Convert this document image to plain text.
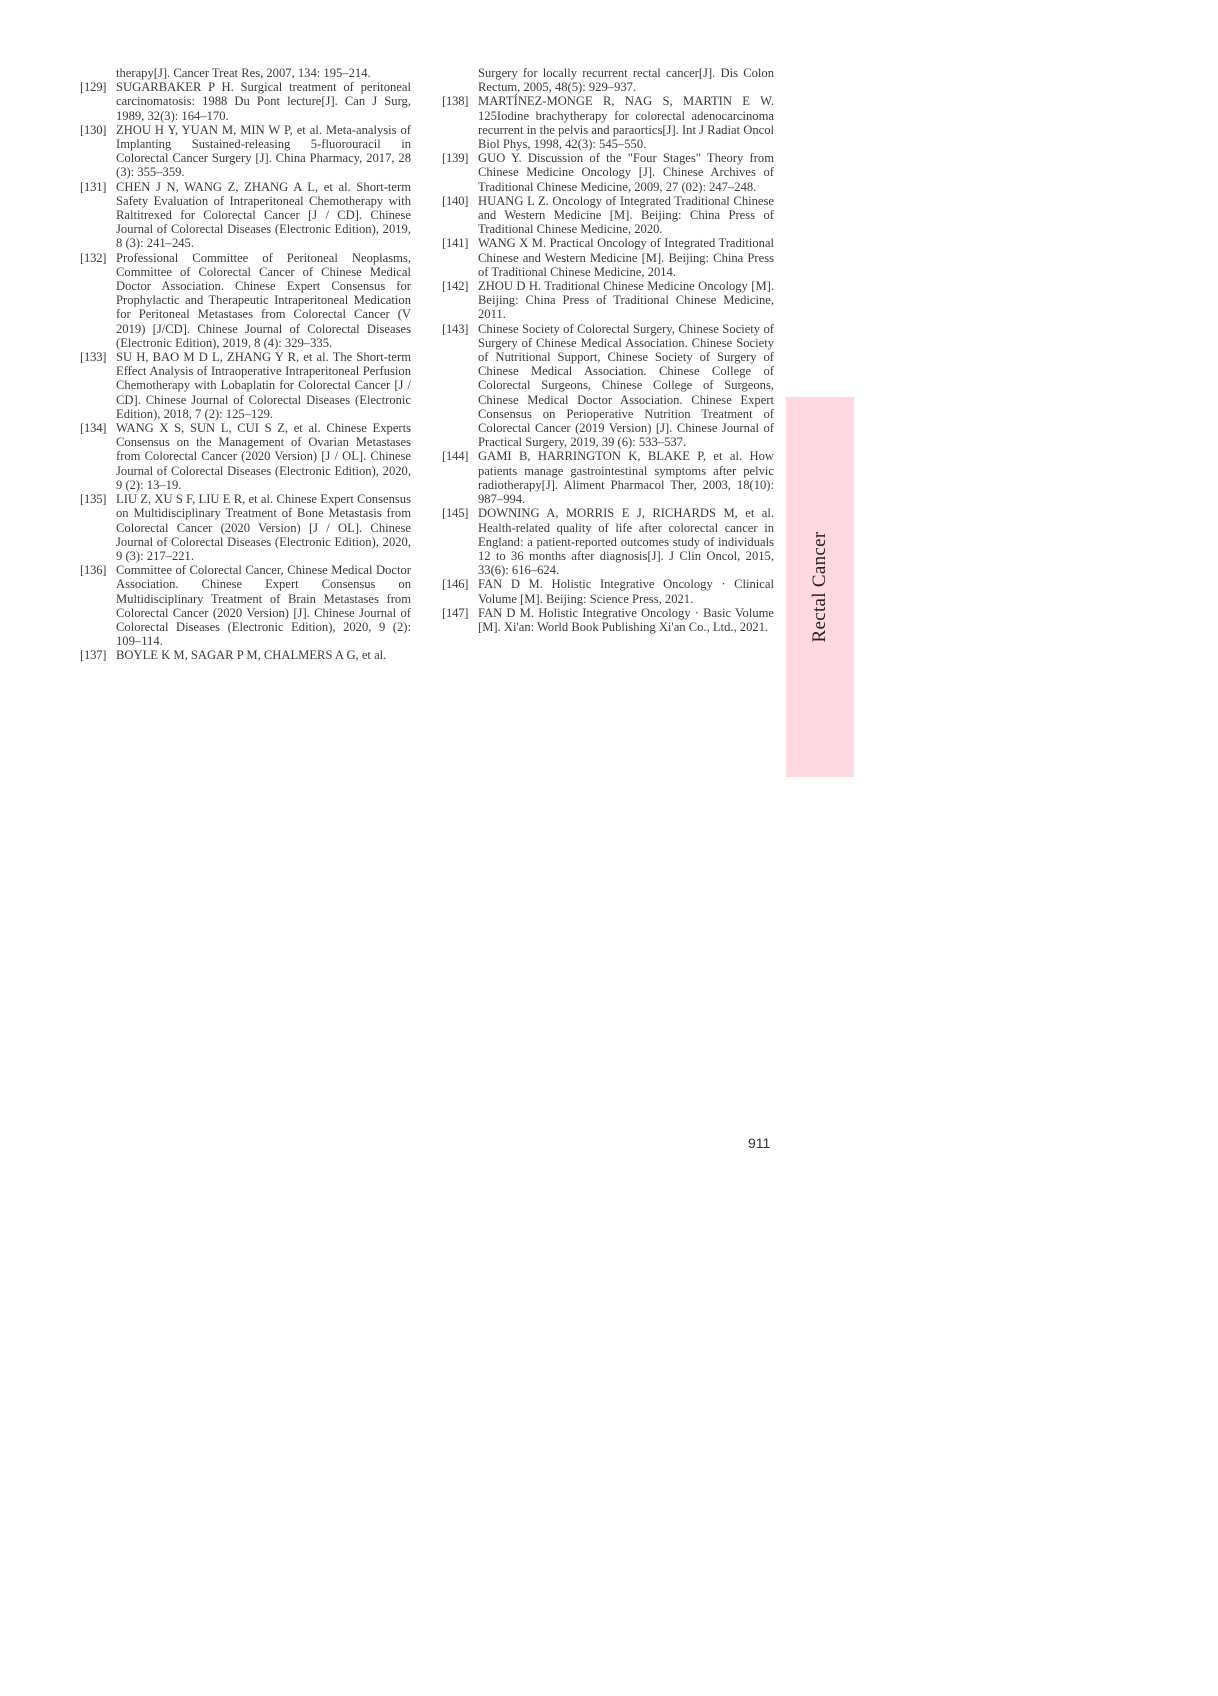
therapy[J]. Cancer Treat Res, 2007, 134: 195–214.

[129] SUGARBAKER P H. Surgical treatment of peritoneal carcinomatosis: 1988 Du Pont lecture[J]. Can J Surg, 1989, 32(3): 164–170.
[130] ZHOU H Y, YUAN M, MIN W P, et al. Meta-analysis of Implanting Sustained-releasing 5-fluorouracil in Colorectal Cancer Surgery [J]. China Pharmacy, 2017, 28 (3): 355–359.
[131] CHEN J N, WANG Z, ZHANG A L, et al. Short-term Safety Evaluation of Intraperitoneal Chemotherapy with Raltitrexed for Colorectal Cancer [J / CD]. Chinese Journal of Colorectal Diseases (Electronic Edition), 2019, 8 (3): 241–245.
[132] Professional Committee of Peritoneal Neoplasms, Committee of Colorectal Cancer of Chinese Medical Doctor Association. Chinese Expert Consensus for Prophylactic and Therapeutic Intraperitoneal Medication for Peritoneal Metastases from Colorectal Cancer (V 2019) [J/CD]. Chinese Journal of Colorectal Diseases (Electronic Edition), 2019, 8 (4): 329–335.
[133] SU H, BAO M D L, ZHANG Y R, et al. The Short-term Effect Analysis of Intraoperative Intraperitoneal Perfusion Chemotherapy with Lobaplatin for Colorectal Cancer [J / CD]. Chinese Journal of Colorectal Diseases (Electronic Edition), 2018, 7 (2): 125–129.
[134] WANG X S, SUN L, CUI S Z, et al. Chinese Experts Consensus on the Management of Ovarian Metastases from Colorectal Cancer (2020 Version) [J / OL]. Chinese Journal of Colorectal Diseases (Electronic Edition), 2020, 9 (2): 13–19.
[135] LIU Z, XU S F, LIU E R, et al. Chinese Expert Consensus on Multidisciplinary Treatment of Bone Metastasis from Colorectal Cancer (2020 Version) [J / OL]. Chinese Journal of Colorectal Diseases (Electronic Edition), 2020, 9 (3): 217–221.
[136] Committee of Colorectal Cancer, Chinese Medical Doctor Association. Chinese Expert Consensus on Multidisciplinary Treatment of Brain Metastases from Colorectal Cancer (2020 Version) [J]. Chinese Journal of Colorectal Diseases (Electronic Edition), 2020, 9 (2): 109–114.
[137] BOYLE K M, SAGAR P M, CHALMERS A G, et al.

Surgery for locally recurrent rectal cancer[J]. Dis Colon Rectum, 2005, 48(5): 929–937.

[138] MARTÍNEZ-MONGE R, NAG S, MARTIN E W. 125Iodine brachytherapy for colorectal adenocarcinoma recurrent in the pelvis and paraortics[J]. Int J Radiat Oncol Biol Phys, 1998, 42(3): 545–550.
[139] GUO Y. Discussion of the "Four Stages" Theory from Chinese Medicine Oncology [J]. Chinese Archives of Traditional Chinese Medicine, 2009, 27 (02): 247–248.
[140] HUANG L Z. Oncology of Integrated Traditional Chinese and Western Medicine [M]. Beijing: China Press of Traditional Chinese Medicine, 2020.
[141] WANG X M. Practical Oncology of Integrated Traditional Chinese and Western Medicine [M]. Beijing: China Press of Traditional Chinese Medicine, 2014.
[142] ZHOU D H. Traditional Chinese Medicine Oncology [M]. Beijing: China Press of Traditional Chinese Medicine, 2011.
[143] Chinese Society of Colorectal Surgery, Chinese Society of Surgery of Chinese Medical Association. Chinese Society of Nutritional Support, Chinese Society of Surgery of Chinese Medical Association. Chinese College of Colorectal Surgeons, Chinese College of Surgeons, Chinese Medical Doctor Association. Chinese Expert Consensus on Perioperative Nutrition Treatment of Colorectal Cancer (2019 Version) [J]. Chinese Journal of Practical Surgery, 2019, 39 (6): 533–537.
[144] GAMI B, HARRINGTON K, BLAKE P, et al. How patients manage gastrointestinal symptoms after pelvic radiotherapy[J]. Aliment Pharmacol Ther, 2003, 18(10): 987–994.
[145] DOWNING A, MORRIS E J, RICHARDS M, et al. Health-related quality of life after colorectal cancer in England: a patient-reported outcomes study of individuals 12 to 36 months after diagnosis[J]. J Clin Oncol, 2015, 33(6): 616–624.
[146] FAN D M. Holistic Integrative Oncology · Clinical Volume [M]. Beijing: Science Press, 2021.
[147] FAN D M. Holistic Integrative Oncology · Basic Volume [M]. Xi'an: World Book Publishing Xi'an Co., Ltd., 2021.	Rectal Cancer
911
